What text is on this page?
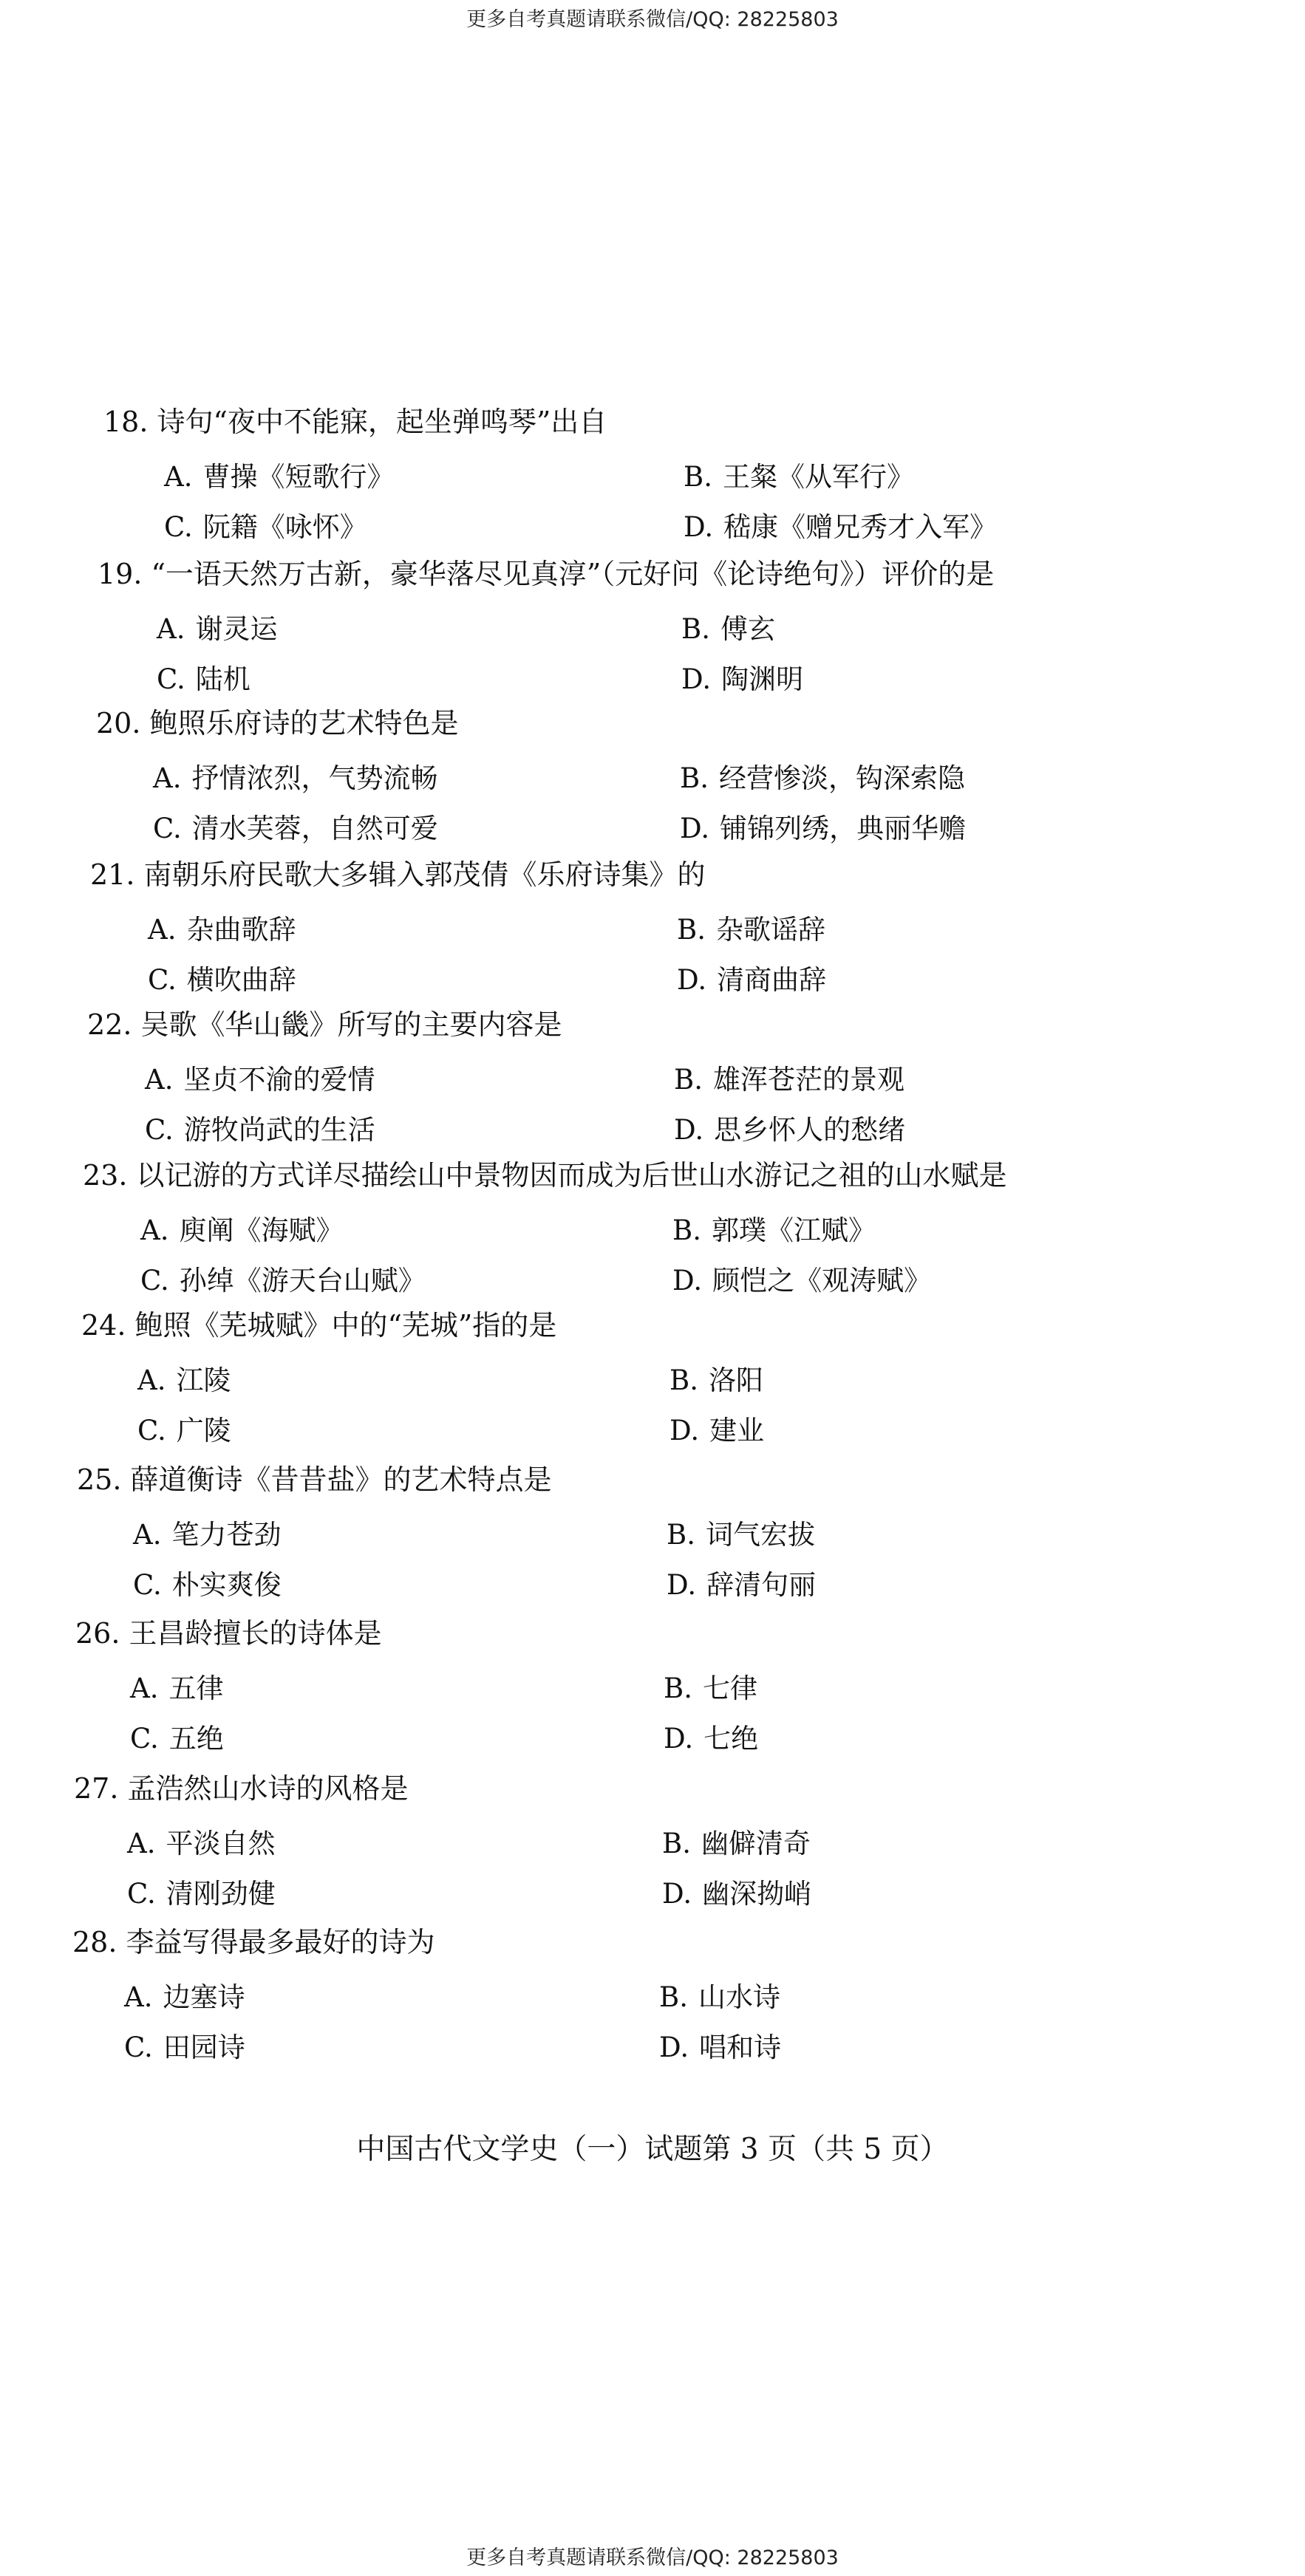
更多自考真题请联系微信/QQ: 28225803
18. 诗句“夜中不能寐，起坐弹鸣琴”出自
A. 曹操《短歌行》	B. 王粲《从军行》
C. 阮籍《咏怀》	D. 嵇康《赠兄秀才入军》
19. “一语天然万古新，豪华落尽见真淳”（元好问《论诗绝句》）评价的是
A. 谢灵运	B. 傅玄
C. 陆机	D. 陶渊明
20. 鲍照乐府诗的艺术特色是
A. 抒情浓烈，气势流畅	B. 经营惨淡，钩深索隐
C. 清水芙蓉，自然可爱	D. 铺锦列绣，典丽华赡
21. 南朝乐府民歌大多辑入郭茂倩《乐府诗集》的
A. 杂曲歌辞	B. 杂歌谣辞
C. 横吹曲辞	D. 清商曲辞
22. 吴歌《华山畿》所写的主要内容是
A. 坚贞不渝的爱情	B. 雄浑苍茫的景观
C. 游牧尚武的生活	D. 思乡怀人的愁绪
23. 以记游的方式详尽描绘山中景物因而成为后世山水游记之祖的山水赋是
A. 庾阐《海赋》	B. 郭璞《江赋》
C. 孙绰《游天台山赋》	D. 顾恺之《观涛赋》
24. 鲍照《芜城赋》中的“芜城”指的是
A. 江陵	B. 洛阳
C. 广陵	D. 建业
25. 薛道衡诗《昔昔盐》的艺术特点是
A. 笔力苍劲	B. 词气宏拔
C. 朴实爽俊	D. 辞清句丽
26. 王昌龄擅长的诗体是
A. 五律	B. 七律
C. 五绝	D. 七绝
27. 孟浩然山水诗的风格是
A. 平淡自然	B. 幽僻清奇
C. 清刚劲健	D. 幽深拗峭
28. 李益写得最多最好的诗为
A. 边塞诗	B. 山水诗
C. 田园诗	D. 唱和诗
中国古代文学史（一）试题第 3 页（共 5 页）
更多自考真题请联系微信/QQ: 28225803
